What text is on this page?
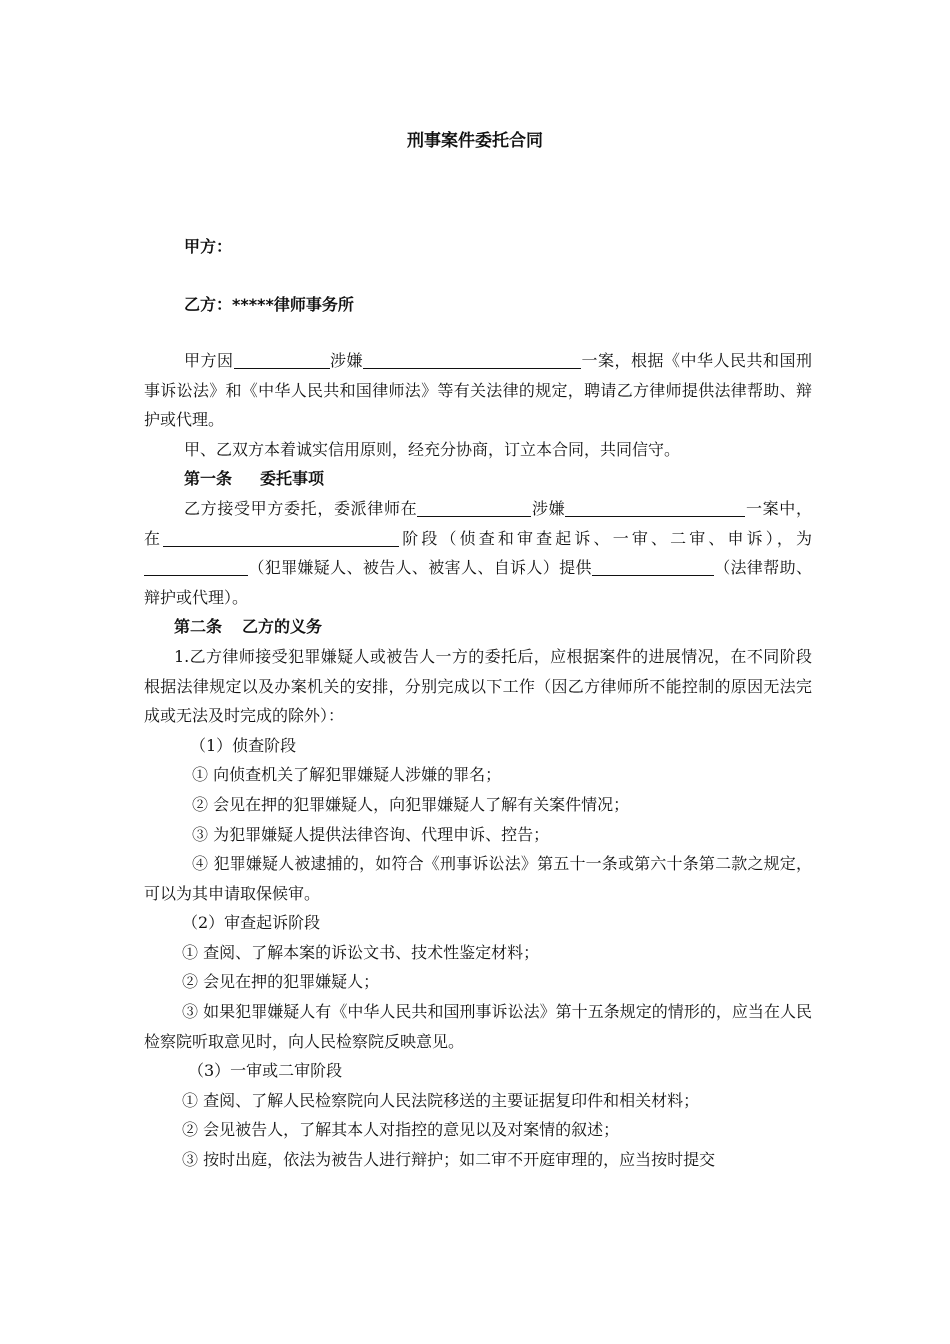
刑事案件委托合同
甲方：
乙方：*****律师事务所

甲方因	涉嫌	一案，根据《中华人民共和国刑事诉讼法》和《中华人民共和国律师法》等有关法律的规定，聘请乙方律师提供法律帮助、辩护或代理。

甲、乙双方本着诚实信用原则，经充分协商，订立本合同，共同信守。

第一条 委托事项

乙方接受甲方委托，委派律师在	涉嫌	一案中，在	阶段（侦查和审查起诉、一审、二审、申诉），为（犯罪嫌疑人、被告人、被害人、自诉人）提供	（法律帮助、辩护或代理）。

第二条 乙方的义务

1.乙方律师接受犯罪嫌疑人或被告人一方的委托后，应根据案件的进展情况，在不同阶段根据法律规定以及办案机关的安排，分别完成以下工作（因乙方律师所不能控制的原因无法完成或无法及时完成的除外）：

（1）侦查阶段

① 向侦查机关了解犯罪嫌疑人涉嫌的罪名；

② 会见在押的犯罪嫌疑人，向犯罪嫌疑人了解有关案件情况；

③ 为犯罪嫌疑人提供法律咨询、代理申诉、控告；

④ 犯罪嫌疑人被逮捕的，如符合《刑事诉讼法》第五十一条或第六十条第二款之规定，可以为其申请取保候审。

（2）审查起诉阶段

① 查阅、了解本案的诉讼文书、技术性鉴定材料；

② 会见在押的犯罪嫌疑人；

③ 如果犯罪嫌疑人有《中华人民共和国刑事诉讼法》第十五条规定的情形的，应当在人民检察院听取意见时，向人民检察院反映意见。

（3）一审或二审阶段

① 查阅、了解人民检察院向人民法院移送的主要证据复印件和相关材料；

② 会见被告人，了解其本人对指控的意见以及对案情的叙述；

③ 按时出庭，依法为被告人进行辩护；如二审不开庭审理的，应当按时提交
